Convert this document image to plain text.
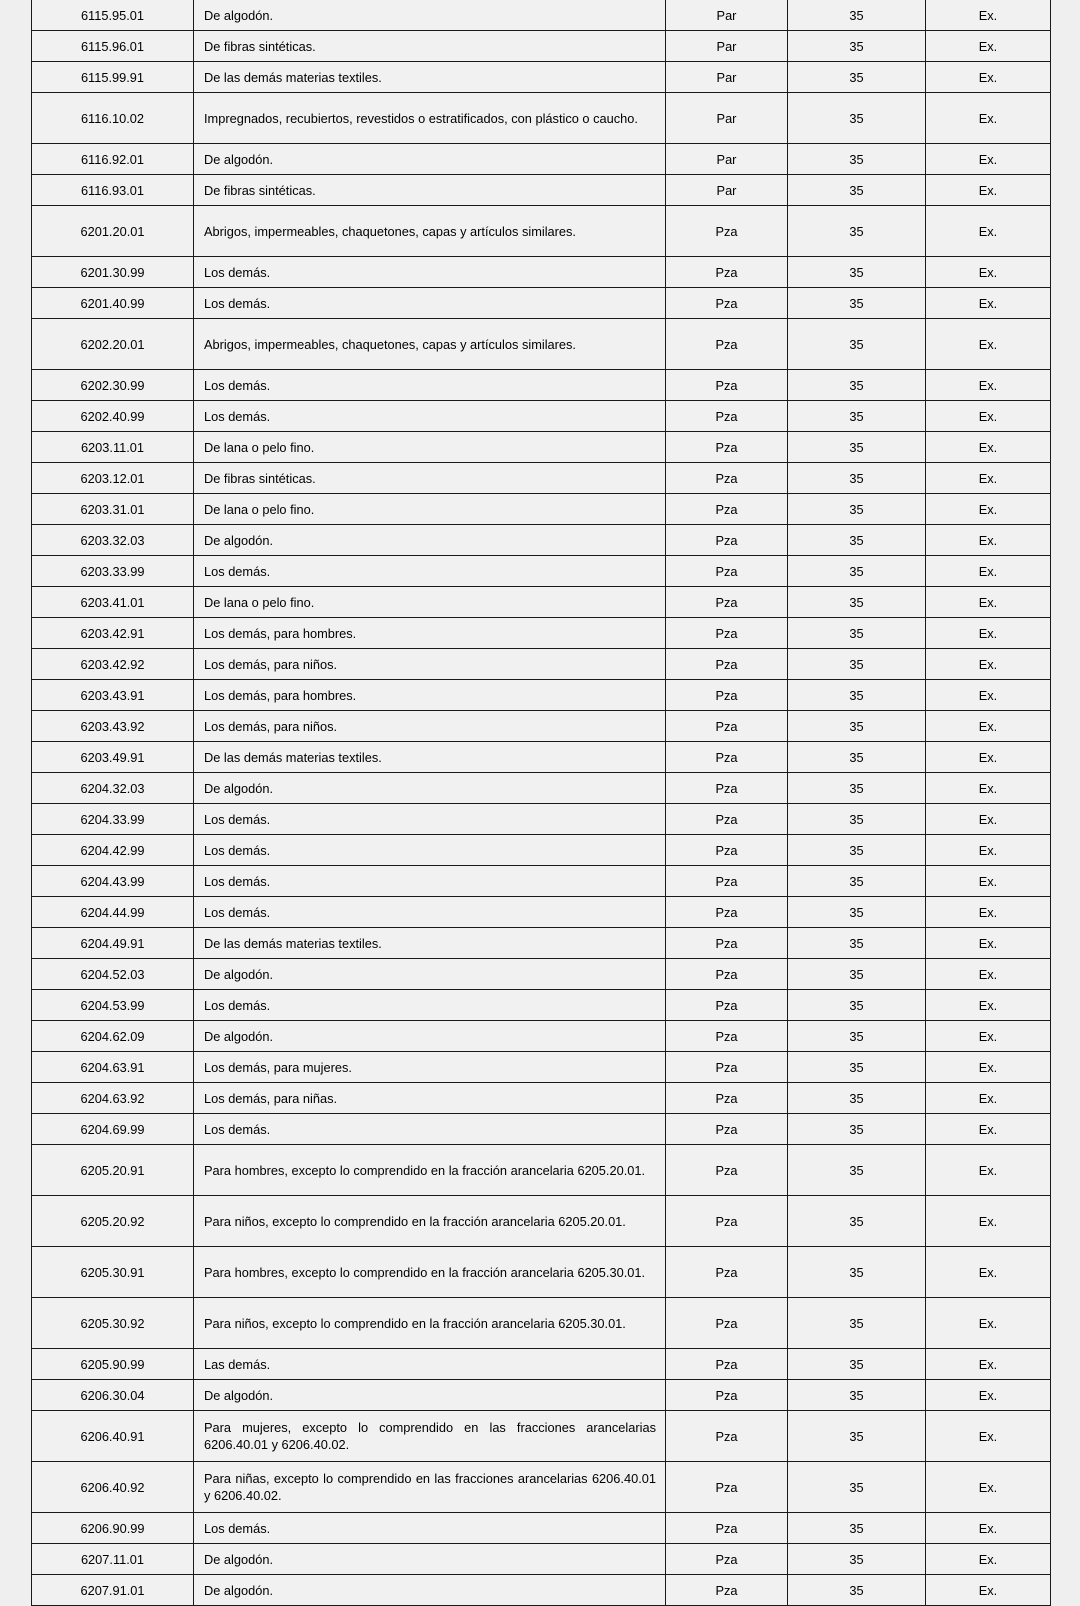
6115.95.01	De algodón.	Par	35	Ex.
6115.96.01	De fibras sintéticas.	Par	35	Ex.
6115.99.91	De las demás materias textiles.	Par	35	Ex.
6116.10.02	Impregnados, recubiertos, revestidos o estratificados, con plástico o caucho.	Par	35	Ex.
6116.92.01	De algodón.	Par	35	Ex.
6116.93.01	De fibras sintéticas.	Par	35	Ex.
6201.20.01	Abrigos, impermeables, chaquetones, capas y artículos similares.	Pza	35	Ex.
6201.30.99	Los demás.	Pza	35	Ex.
6201.40.99	Los demás.	Pza	35	Ex.
6202.20.01	Abrigos, impermeables, chaquetones, capas y artículos similares.	Pza	35	Ex.
6202.30.99	Los demás.	Pza	35	Ex.
6202.40.99	Los demás.	Pza	35	Ex.
6203.11.01	De lana o pelo fino.	Pza	35	Ex.
6203.12.01	De fibras sintéticas.	Pza	35	Ex.
6203.31.01	De lana o pelo fino.	Pza	35	Ex.
6203.32.03	De algodón.	Pza	35	Ex.
6203.33.99	Los demás.	Pza	35	Ex.
6203.41.01	De lana o pelo fino.	Pza	35	Ex.
6203.42.91	Los demás, para hombres.	Pza	35	Ex.
6203.42.92	Los demás, para niños.	Pza	35	Ex.
6203.43.91	Los demás, para hombres.	Pza	35	Ex.
6203.43.92	Los demás, para niños.	Pza	35	Ex.
6203.49.91	De las demás materias textiles.	Pza	35	Ex.
6204.32.03	De algodón.	Pza	35	Ex.
6204.33.99	Los demás.	Pza	35	Ex.
6204.42.99	Los demás.	Pza	35	Ex.
6204.43.99	Los demás.	Pza	35	Ex.
6204.44.99	Los demás.	Pza	35	Ex.
6204.49.91	De las demás materias textiles.	Pza	35	Ex.
6204.52.03	De algodón.	Pza	35	Ex.
6204.53.99	Los demás.	Pza	35	Ex.
6204.62.09	De algodón.	Pza	35	Ex.
6204.63.91	Los demás, para mujeres.	Pza	35	Ex.
6204.63.92	Los demás, para niñas.	Pza	35	Ex.
6204.69.99	Los demás.	Pza	35	Ex.
6205.20.91	Para hombres, excepto lo comprendido en la fracción arancelaria 6205.20.01.	Pza	35	Ex.
6205.20.92	Para niños, excepto lo comprendido en la fracción arancelaria 6205.20.01.	Pza	35	Ex.
6205.30.91	Para hombres, excepto lo comprendido en la fracción arancelaria 6205.30.01.	Pza	35	Ex.
6205.30.92	Para niños, excepto lo comprendido en la fracción arancelaria 6205.30.01.	Pza	35	Ex.
6205.90.99	Las demás.	Pza	35	Ex.
6206.30.04	De algodón.	Pza	35	Ex.
6206.40.91	Para mujeres, excepto lo comprendido en las fracciones arancelarias 6206.40.01 y 6206.40.02.	Pza	35	Ex.
6206.40.92	Para niñas, excepto lo comprendido en las fracciones arancelarias 6206.40.01 y 6206.40.02.	Pza	35	Ex.
6206.90.99	Los demás.	Pza	35	Ex.
6207.11.01	De algodón.	Pza	35	Ex.
6207.91.01	De algodón.	Pza	35	Ex.
